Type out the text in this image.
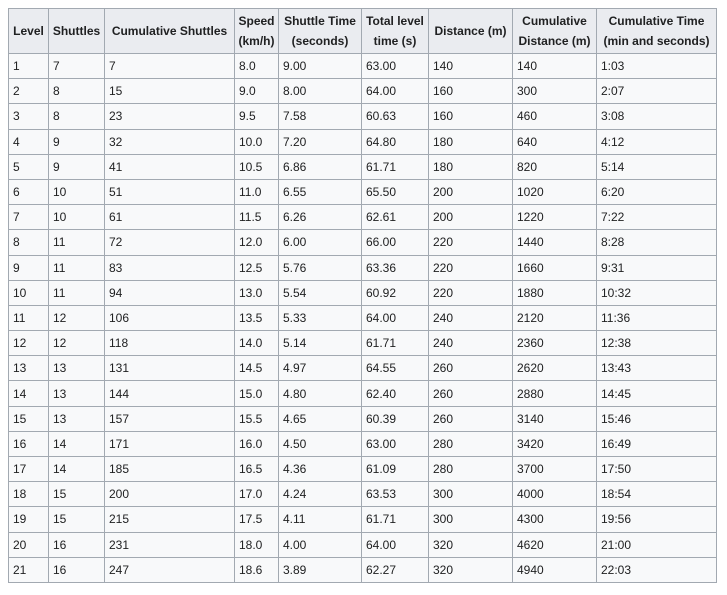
Level	Shuttles	Cumulative Shuttles	Speed (km/h)	Shuttle Time (seconds)	Total level time (s)	Distance (m)	Cumulative Distance (m)	Cumulative Time (min and seconds)
1	7	7	8.0	9.00	63.00	140	140	1:03
2	8	15	9.0	8.00	64.00	160	300	2:07
3	8	23	9.5	7.58	60.63	160	460	3:08
4	9	32	10.0	7.20	64.80	180	640	4:12
5	9	41	10.5	6.86	61.71	180	820	5:14
6	10	51	11.0	6.55	65.50	200	1020	6:20
7	10	61	11.5	6.26	62.61	200	1220	7:22
8	11	72	12.0	6.00	66.00	220	1440	8:28
9	11	83	12.5	5.76	63.36	220	1660	9:31
10	11	94	13.0	5.54	60.92	220	1880	10:32
11	12	106	13.5	5.33	64.00	240	2120	11:36
12	12	118	14.0	5.14	61.71	240	2360	12:38
13	13	131	14.5	4.97	64.55	260	2620	13:43
14	13	144	15.0	4.80	62.40	260	2880	14:45
15	13	157	15.5	4.65	60.39	260	3140	15:46
16	14	171	16.0	4.50	63.00	280	3420	16:49
17	14	185	16.5	4.36	61.09	280	3700	17:50
18	15	200	17.0	4.24	63.53	300	4000	18:54
19	15	215	17.5	4.11	61.71	300	4300	19:56
20	16	231	18.0	4.00	64.00	320	4620	21:00
21	16	247	18.6	3.89	62.27	320	4940	22:03
